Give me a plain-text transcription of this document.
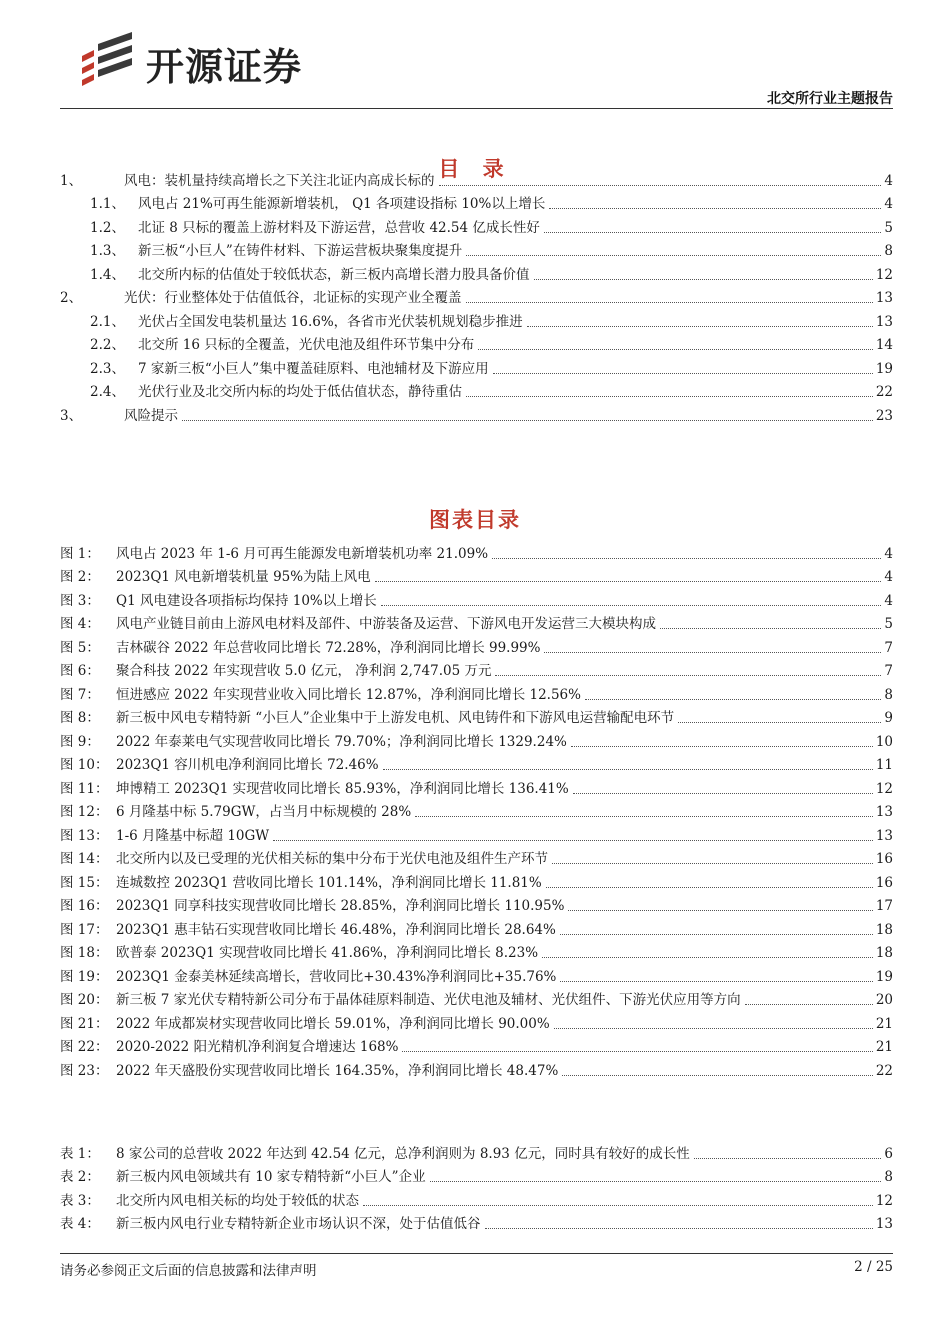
开源证券
北交所行业主题报告
目 录
1、	风电：装机量持续高增长之下关注北证内高成长标的	4
1.1、 风电占 21%可再生能源新增装机， Q1 各项建设指标 10%以上增长	4
1.2、 北证 8 只标的覆盖上游材料及下游运营，总营收 42.54 亿成长性好	5
1.3、 新三板“小巨人”在铸件材料、下游运营板块聚集度提升	8
1.4、 北交所内标的估值处于较低状态，新三板内高增长潜力股具备价值	12
2、	光伏：行业整体处于估值低谷，北证标的实现产业全覆盖	13
2.1、 光伏占全国发电装机量达 16.6%，各省市光伏装机规划稳步推进	13
2.2、 北交所 16 只标的全覆盖，光伏电池及组件环节集中分布	14
2.3、 7 家新三板“小巨人”集中覆盖硅原料、电池辅材及下游应用	19
2.4、 光伏行业及北交所内标的均处于低估值状态，静待重估	22
3、	风险提示	23
图表目录
图 1：	风电占 2023 年 1-6 月可再生能源发电新增装机功率 21.09%	4
图 2：	2023Q1 风电新增装机量 95%为陆上风电	4
图 3：	Q1 风电建设各项指标均保持 10%以上增长	4
图 4：	风电产业链目前由上游风电材料及部件、中游装备及运营、下游风电开发运营三大模块构成	5
图 5：	吉林碳谷 2022 年总营收同比增长 72.28%，净利润同比增长 99.99%	7
图 6：	聚合科技 2022 年实现营收 5.0 亿元， 净利润 2,747.05 万元	7
图 7：	恒进感应 2022 年实现营业收入同比增长 12.87%，净利润同比增长 12.56%	8
图 8：	新三板中风电专精特新 “小巨人”企业集中于上游发电机、风电铸件和下游风电运营输配电环节	9
图 9：	2022 年泰莱电气实现营收同比增长 79.70%；净利润同比增长 1329.24%	10
图 10： 2023Q1 容川机电净利润同比增长 72.46%	11
图 11： 坤博精工 2023Q1 实现营收同比增长 85.93%，净利润同比增长 136.41%	12
图 12： 6 月隆基中标 5.79GW，占当月中标规模的 28%	13
图 13： 1-6 月隆基中标超 10GW	13
图 14： 北交所内以及已受理的光伏相关标的集中分布于光伏电池及组件生产环节	16
图 15： 连城数控 2023Q1 营收同比增长 101.14%，净利润同比增长 11.81%	16
图 16： 2023Q1 同享科技实现营收同比增长 28.85%，净利润同比增长 110.95%	17
图 17： 2023Q1 惠丰钻石实现营收同比增长 46.48%，净利润同比增长 28.64%	18
图 18： 欧普泰 2023Q1 实现营收同比增长 41.86%，净利润同比增长 8.23%	18
图 19： 2023Q1 金泰美林延续高增长，营收同比+30.43%净利润同比+35.76%	19
图 20： 新三板 7 家光伏专精特新公司分布于晶体硅原料制造、光伏电池及辅材、光伏组件、下游光伏应用等方向	20
图 21： 2022 年成都炭材实现营收同比增长 59.01%，净利润同比增长 90.00%	21
图 22： 2020-2022 阳光精机净利润复合增速达 168%	21
图 23： 2022 年天盛股份实现营收同比增长 164.35%，净利润同比增长 48.47%	22
表 1：	8 家公司的总营收 2022 年达到 42.54 亿元，总净利润则为 8.93 亿元，同时具有较好的成长性	6
表 2：	新三板内风电领域共有 10 家专精特新“小巨人”企业	8
表 3：	北交所内风电相关标的均处于较低的状态	12
表 4：	新三板内风电行业专精特新企业市场认识不深，处于估值低谷	13
请务必参阅正文后面的信息披露和法律声明	2 / 25
